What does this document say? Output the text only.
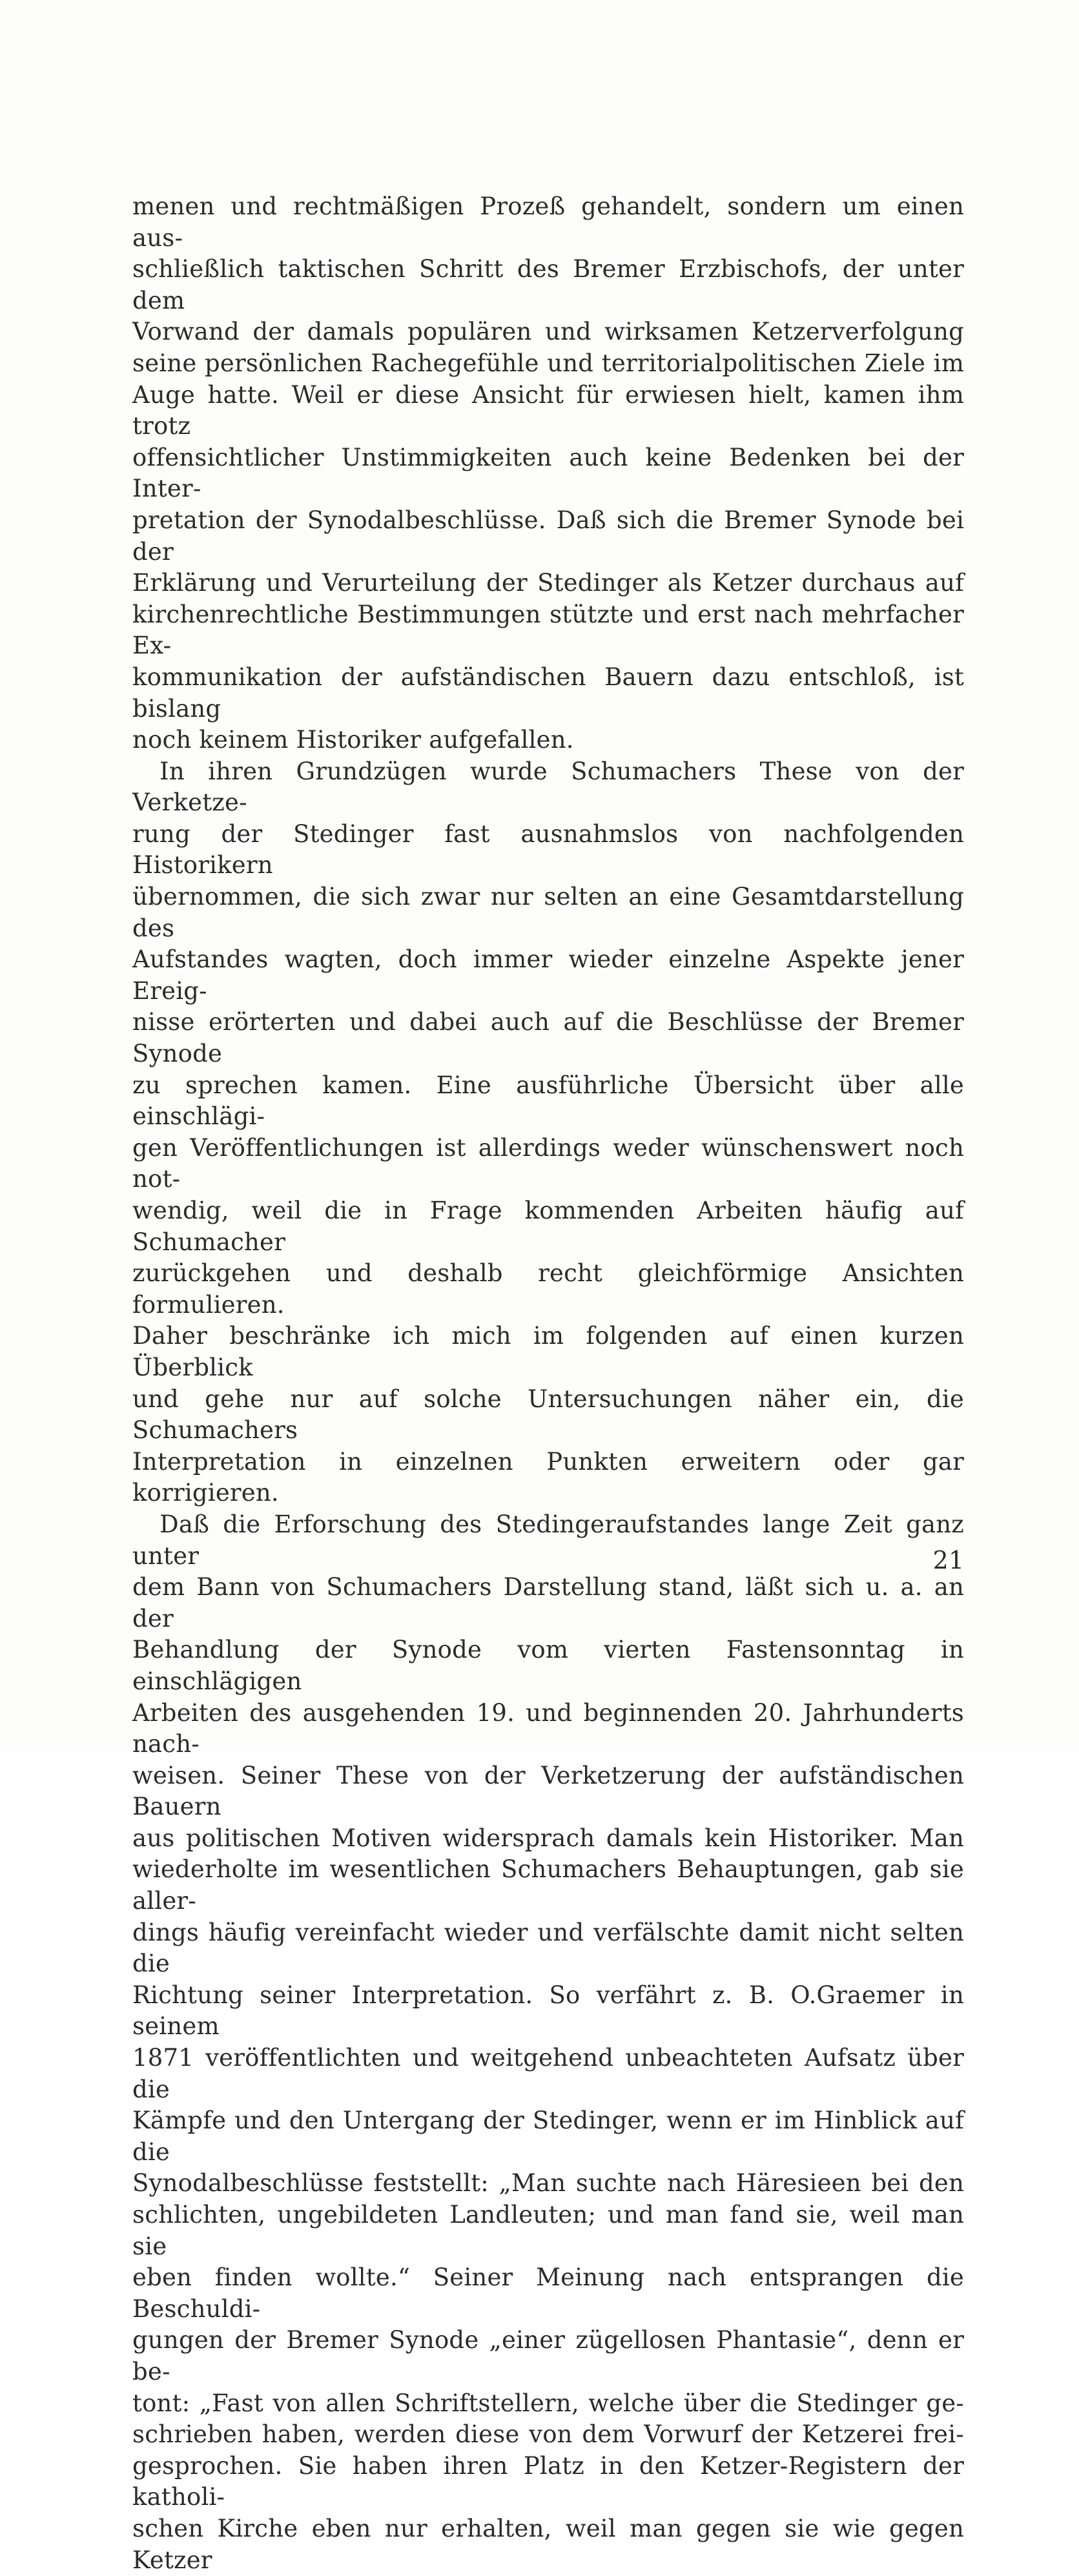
menen und rechtmäßigen Prozeß gehandelt, sondern um einen aus-
schließlich taktischen Schritt des Bremer Erzbischofs, der unter dem
Vorwand der damals populären und wirksamen Ketzerverfolgung
seine persönlichen Rachegefühle und territorialpolitischen Ziele im
Auge hatte. Weil er diese Ansicht für erwiesen hielt, kamen ihm trotz
offensichtlicher Unstimmigkeiten auch keine Bedenken bei der Inter-
pretation der Synodalbeschlüsse. Daß sich die Bremer Synode bei der
Erklärung und Verurteilung der Stedinger als Ketzer durchaus auf
kirchenrechtliche Bestimmungen stützte und erst nach mehrfacher Ex-
kommunikation der aufständischen Bauern dazu entschloß, ist bislang
noch keinem Historiker aufgefallen.
In ihren Grundzügen wurde Schumachers These von der Verketze-
rung der Stedinger fast ausnahmslos von nachfolgenden Historikern
übernommen, die sich zwar nur selten an eine Gesamtdarstellung des
Aufstandes wagten, doch immer wieder einzelne Aspekte jener Ereig-
nisse erörterten und dabei auch auf die Beschlüsse der Bremer Synode
zu sprechen kamen. Eine ausführliche Übersicht über alle einschlägi-
gen Veröffentlichungen ist allerdings weder wünschenswert noch not-
wendig, weil die in Frage kommenden Arbeiten häufig auf Schumacher
zurückgehen und deshalb recht gleichförmige Ansichten formulieren.
Daher beschränke ich mich im folgenden auf einen kurzen Überblick
und gehe nur auf solche Untersuchungen näher ein, die Schumachers
Interpretation in einzelnen Punkten erweitern oder gar korrigieren.
Daß die Erforschung des Stedingeraufstandes lange Zeit ganz unter
dem Bann von Schumachers Darstellung stand, läßt sich u. a. an der
Behandlung der Synode vom vierten Fastensonntag in einschlägigen
Arbeiten des ausgehenden 19. und beginnenden 20. Jahrhunderts nach-
weisen. Seiner These von der Verketzerung der aufständischen Bauern
aus politischen Motiven widersprach damals kein Historiker. Man
wiederholte im wesentlichen Schumachers Behauptungen, gab sie aller-
dings häufig vereinfacht wieder und verfälschte damit nicht selten die
Richtung seiner Interpretation. So verfährt z. B. O.Graemer in seinem
1871 veröffentlichten und weitgehend unbeachteten Aufsatz über die
Kämpfe und den Untergang der Stedinger, wenn er im Hinblick auf die
Synodalbeschlüsse feststellt: „Man suchte nach Häresieen bei den
schlichten, ungebildeten Landleuten; und man fand sie, weil man sie
eben finden wollte.“ Seiner Meinung nach entsprangen die Beschuldi-
gungen der Bremer Synode „einer zügellosen Phantasie“, denn er be-
tont: „Fast von allen Schriftstellern, welche über die Stedinger ge-
schrieben haben, werden diese von dem Vorwurf der Ketzerei frei-
gesprochen. Sie haben ihren Platz in den Ketzer-Registern der katholi-
schen Kirche eben nur erhalten, weil man gegen sie wie gegen Ketzer
21
